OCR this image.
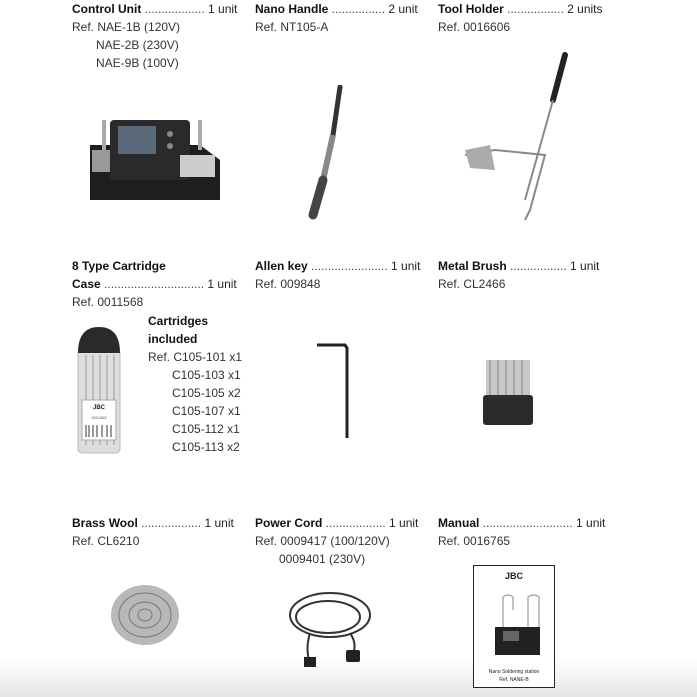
Control Unit .................. 1 unit
Ref. NAE-1B (120V)
NAE-2B (230V)
NAE-9B (100V)
Nano Handle ................ 2 unit
Ref. NT105-A
Tool Holder ................. 2 units
Ref. 0016606
8 Type Cartridge
Case .............................. 1 unit
Ref. 0011568
Cartridges
included
Ref. C105-101 x1
C105-103 x1
C105-105 x2
C105-107 x1
C105-112 x1
C105-113 x2
JBC
0011568
Allen key ....................... 1 unit
Ref. 009848
Metal Brush ................. 1 unit
Ref. CL2466
Brass Wool .................. 1 unit
Ref. CL6210
Power Cord .................. 1 unit
Ref. 0009417 (100/120V)
0009401 (230V)
Manual ........................... 1 unit
Ref. 0016765
JBC
Nano Soldering station
Ref. NANE-B
